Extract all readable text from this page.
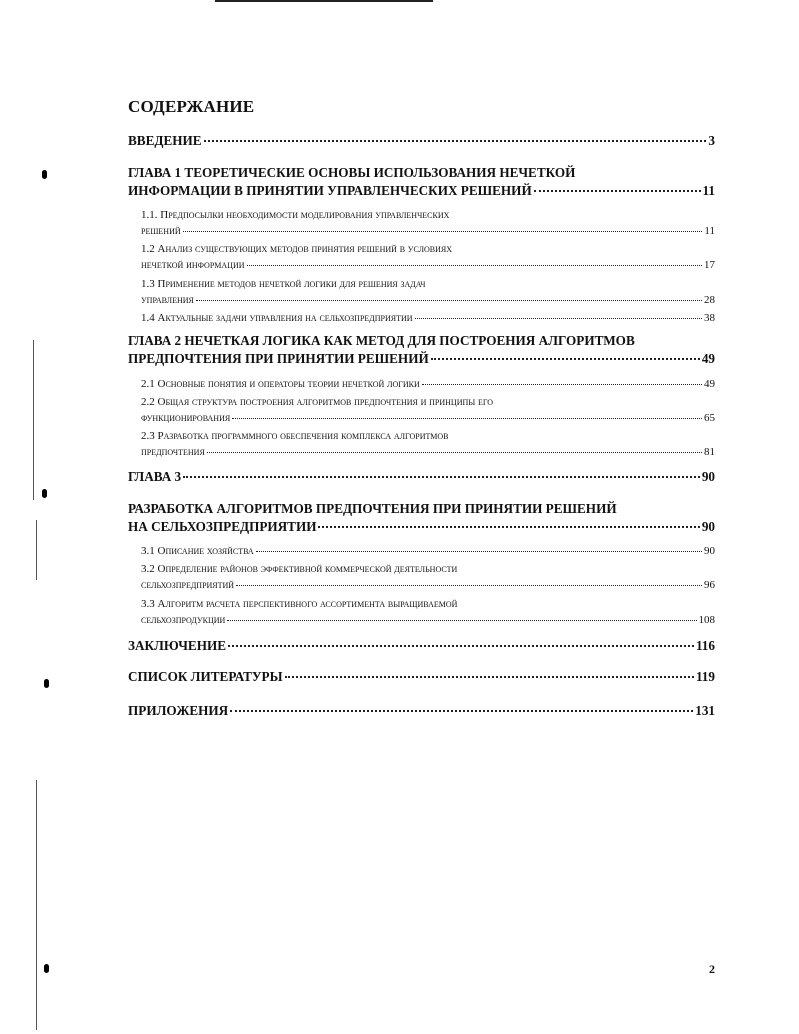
СОДЕРЖАНИЕ
ВВЕДЕНИЕ	3
ГЛАВА 1 ТЕОРЕТИЧЕСКИЕ ОСНОВЫ ИСПОЛЬЗОВАНИЯ НЕЧЕТКОЙ
ИНФОРМАЦИИ В ПРИНЯТИИ УПРАВЛЕНЧЕСКИХ РЕШЕНИЙ	11
1.1. Предпосылки необходимости моделирования управленческих
решений	11
1.2 Анализ существующих методов принятия решений в условиях
нечеткой информации	17
1.3 Применение методов нечеткой логики для решения задач
управления	28
1.4 Актуальные задачи управления на сельхозпредприятии	38
ГЛАВА 2 НЕЧЕТКАЯ ЛОГИКА КАК МЕТОД ДЛЯ ПОСТРОЕНИЯ АЛГОРИТМОВ
ПРЕДПОЧТЕНИЯ ПРИ ПРИНЯТИИ РЕШЕНИЙ	49
2.1 Основные понятия и операторы теории нечеткой логики	49
2.2 Общая структура построения алгоритмов предпочтения и принципы его
функционирования	65
2.3 Разработка программного обеспечения комплекса алгоритмов
предпочтения	81
ГЛАВА 3	90
РАЗРАБОТКА АЛГОРИТМОВ ПРЕДПОЧТЕНИЯ ПРИ ПРИНЯТИИ РЕШЕНИЙ
НА СЕЛЬХОЗПРЕДПРИЯТИИ	90
3.1 Описание хозяйства	90
3.2 Определение районов эффективной коммерческой деятельности
сельхозпредприятий	96
3.3 Алгоритм расчета перспективного ассортимента выращиваемой
сельхозпродукции	108
ЗАКЛЮЧЕНИЕ	116
СПИСОК ЛИТЕРАТУРЫ	119
ПРИЛОЖЕНИЯ	131
2
